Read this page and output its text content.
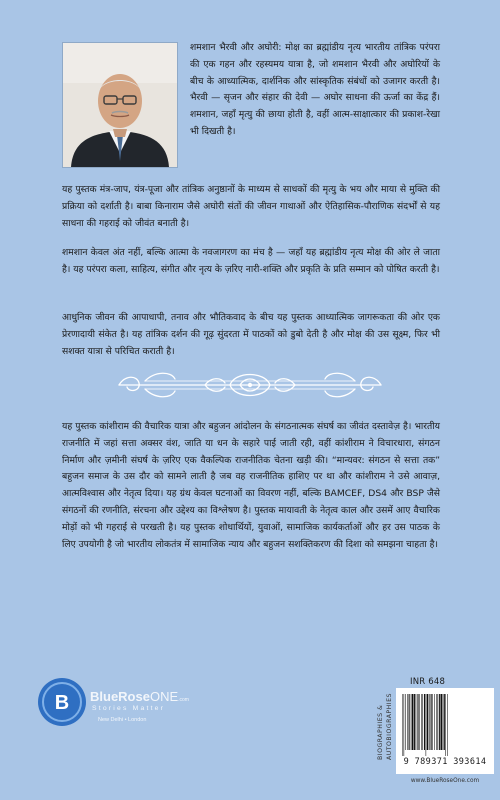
शमशान भैरवी और अघोरी: मोक्ष का ब्रह्मांडीय नृत्य भारतीय तांत्रिक परंपरा की एक गहन और रहस्यमय यात्रा है, जो शमशान भैरवी और अघोरियों के बीच के आध्यात्मिक, दार्शनिक और सांस्कृतिक संबंधों को उजागर करती है। भैरवी — सृजन और संहार की देवी — अघोर साधना की ऊर्जा का केंद्र हैं। शमशान, जहाँ मृत्यु की छाया होती है, वहीं आत्म-साक्षात्कार की प्रकाश-रेखा भी दिखती है।

यह पुस्तक मंत्र-जाप, यंत्र-पूजा और तांत्रिक अनुष्ठानों के माध्यम से साधकों की मृत्यु के भय और माया से मुक्ति की प्रक्रिया को दर्शाती है। बाबा किनाराम जैसे अघोरी संतों की जीवन गाथाओं और ऐतिहासिक-पौराणिक संदर्भों से यह साधना की गहराई को जीवंत बनाती है।

शमशान केवल अंत नहीं, बल्कि आत्मा के नवजागरण का मंच है — जहाँ यह ब्रह्मांडीय नृत्य मोक्ष की ओर ले जाता है। यह परंपरा कला, साहित्य, संगीत और नृत्य के ज़रिए नारी-शक्ति और प्रकृति के प्रति सम्मान को पोषित करती है।

आधुनिक जीवन की आपाधापी, तनाव और भौतिकवाद के बीच यह पुस्तक आध्यात्मिक जागरूकता की ओर एक प्रेरणादायी संकेत है। यह तांत्रिक दर्शन की गूढ़ सुंदरता में पाठकों को डुबो देती है और मोक्ष की उस सूक्ष्म, फिर भी सशक्त यात्रा से परिचित कराती है।

यह पुस्तक कांशीराम की वैचारिक यात्रा और बहुजन आंदोलन के संगठनात्मक संघर्ष का जीवंत दस्तावेज़ है। भारतीय राजनीति में जहां सत्ता अक्सर वंश, जाति या धन के सहारे पाई जाती रही, वहीं कांशीराम ने विचारधारा, संगठन निर्माण और ज़मीनी संघर्ष के ज़रिए एक वैकल्पिक राजनीतिक चेतना खड़ी की। “मान्यवर: संगठन से सत्ता तक” बहुजन समाज के उस दौर को सामने लाती है जब वह राजनीतिक हाशिए पर था और कांशीराम ने उसे आवाज़, आत्मविश्वास और नेतृत्व दिया। यह ग्रंथ केवल घटनाओं का विवरण नहीं, बल्कि BAMCEF, DS4 और BSP जैसे संगठनों की रणनीति, संरचना और उद्देश्य का विश्लेषण है। पुस्तक मायावती के नेतृत्व काल और उसमें आए वैचारिक मोड़ों को भी गहराई से परखती है। यह पुस्तक शोधार्थियों, युवाओं, सामाजिक कार्यकर्ताओं और हर उस पाठक के लिए उपयोगी है जो भारतीय लोकतंत्र में सामाजिक न्याय और बहुजन सशक्तिकरण की दिशा को समझना चाहता है।

B BlueRoseONE.com
Stories Matter
New Delhi • London
INR 648
BIOGRAPHIES & AUTOBIOGRAPHIES
9 789371 393614
www.BlueRoseOne.com
